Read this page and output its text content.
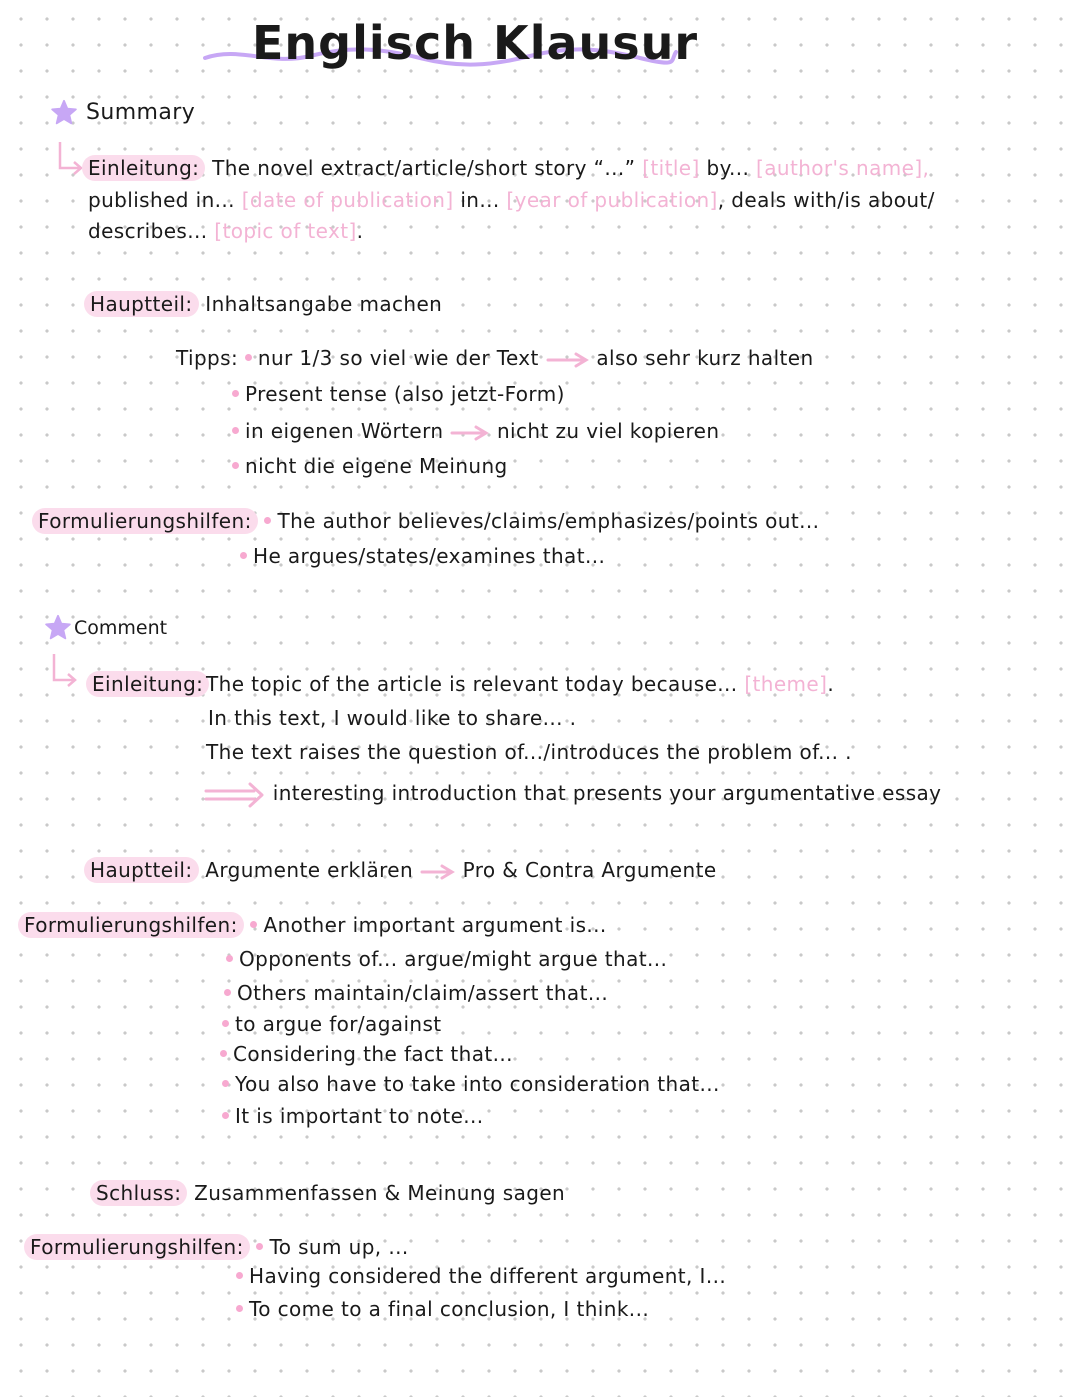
Englisch Klausur
Summary
Einleitung: The novel extract/article/short story “...” [title] by... [author's name],
published in... [date of publication] in... [year of publication], deals with/is about/
describes... [topic of text].
Hauptteil: Inhaltsangabe machen
Tipps: nur 1/3 so viel wie der Text	also sehr kurz halten
Present tense (also jetzt-Form)
in eigenen Wörtern	nicht zu viel kopieren
nicht die eigene Meinung
Formulierungshilfen: The author believes/claims/emphasizes/points out...
He argues/states/examines that...
Comment
Einleitung: The topic of the article is relevant today because... [theme].
In this text, I would like to share... .
The text raises the question of.../introduces the problem of... .
interesting introduction that presents your argumentative essay
Hauptteil: Argumente erklären Pro & Contra Argumente
Formulierungshilfen: Another important argument is...
Opponents of... argue/might argue that...
Others maintain/claim/assert that...
to argue for/against
Considering the fact that...
You also have to take into consideration that...
It is important to note...
Schluss: Zusammenfassen & Meinung sagen
Formulierungshilfen: To sum up, ...
Having considered the different argument, I...
To come to a final conclusion, I think...
